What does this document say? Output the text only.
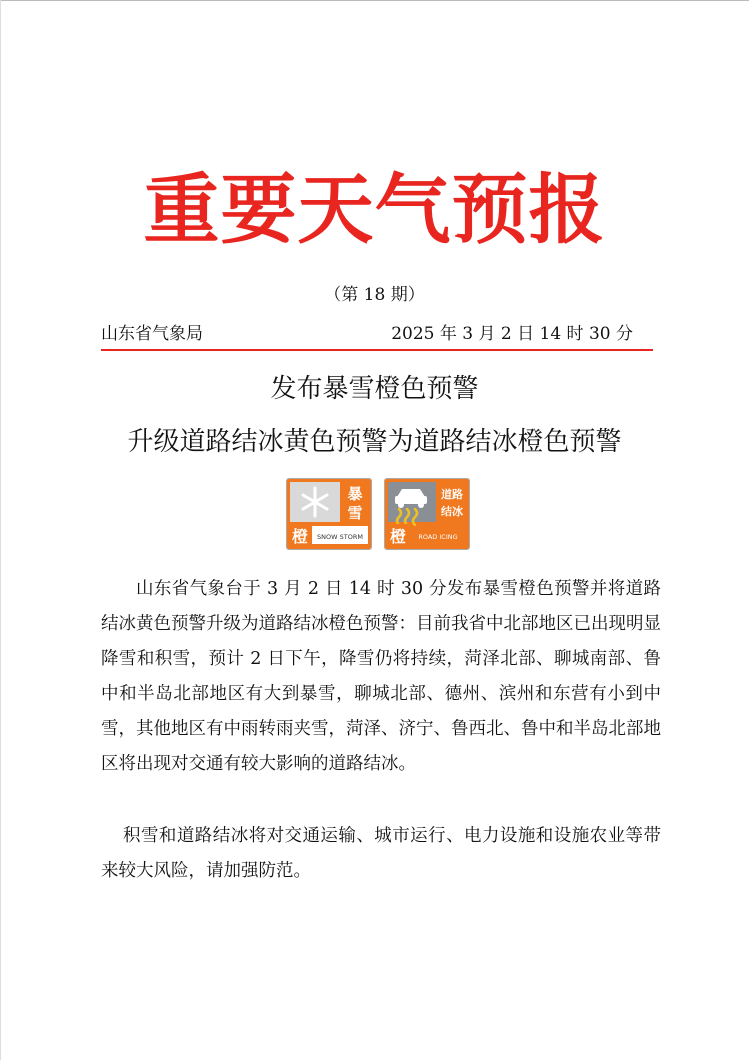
重要天气预报
（第 18 期）
山东省气象局	2025 年 3 月 2 日 14 时 30 分
发布暴雪橙色预警
升级道路结冰黄色预警为道路结冰橙色预警
暴
雪
橙 SNOW STORM
道路
结冰
橙 ROAD ICING

山东省气象台于 3 月 2 日 14 时 30 分发布暴雪橙色预警并将道路结冰黄色预警升级为道路结冰橙色预警：目前我省中北部地区已出现明显降雪和积雪，预计 2 日下午，降雪仍将持续，菏泽北部、聊城南部、鲁中和半岛北部地区有大到暴雪，聊城北部、德州、滨州和东营有小到中雪，其他地区有中雨转雨夹雪，菏泽、济宁、鲁西北、鲁中和半岛北部地区将出现对交通有较大影响的道路结冰。

积雪和道路结冰将对交通运输、城市运行、电力设施和设施农业等带来较大风险，请加强防范。
